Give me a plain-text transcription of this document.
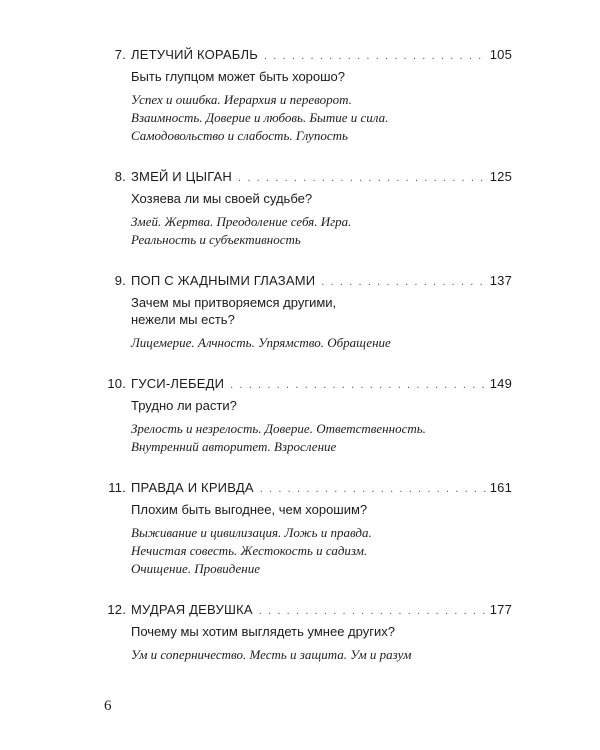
7. ЛЕТУЧИЙ КОРАБЛЬ . . .	105
Быть глупцом может быть хорошо?
Успех и ошибка. Иерархия и переворот.
Взаимность. Доверие и любовь. Бытие и сила.
Самодовольство и слабость. Глупость
8. ЗМЕЙ И ЦЫГАН . . .	125
Хозяева ли мы своей судьбе?
Змей. Жертва. Преодоление себя. Игра.
Реальность и субъективность
9. ПОП С ЖАДНЫМИ ГЛАЗАМИ . . .	137
Зачем мы притворяемся другими,
нежели мы есть?
Лицемерие. Алчность. Упрямство. Обращение
10. ГУСИ-ЛЕБЕДИ . . .	149
Трудно ли расти?
Зрелость и незрелость. Доверие. Ответственность.
Внутренний авторитет. Взросление
11. ПРАВДА И КРИВДА . . .	161
Плохим быть выгоднее, чем хорошим?
Выживание и цивилизация. Ложь и правда.
Нечистая совесть. Жестокость и садизм.
Очищение. Провидение
12. МУДРАЯ ДЕВУШКА . . .	177
Почему мы хотим выглядеть умнее других?
Ум и соперничество. Месть и защита. Ум и разум
6
